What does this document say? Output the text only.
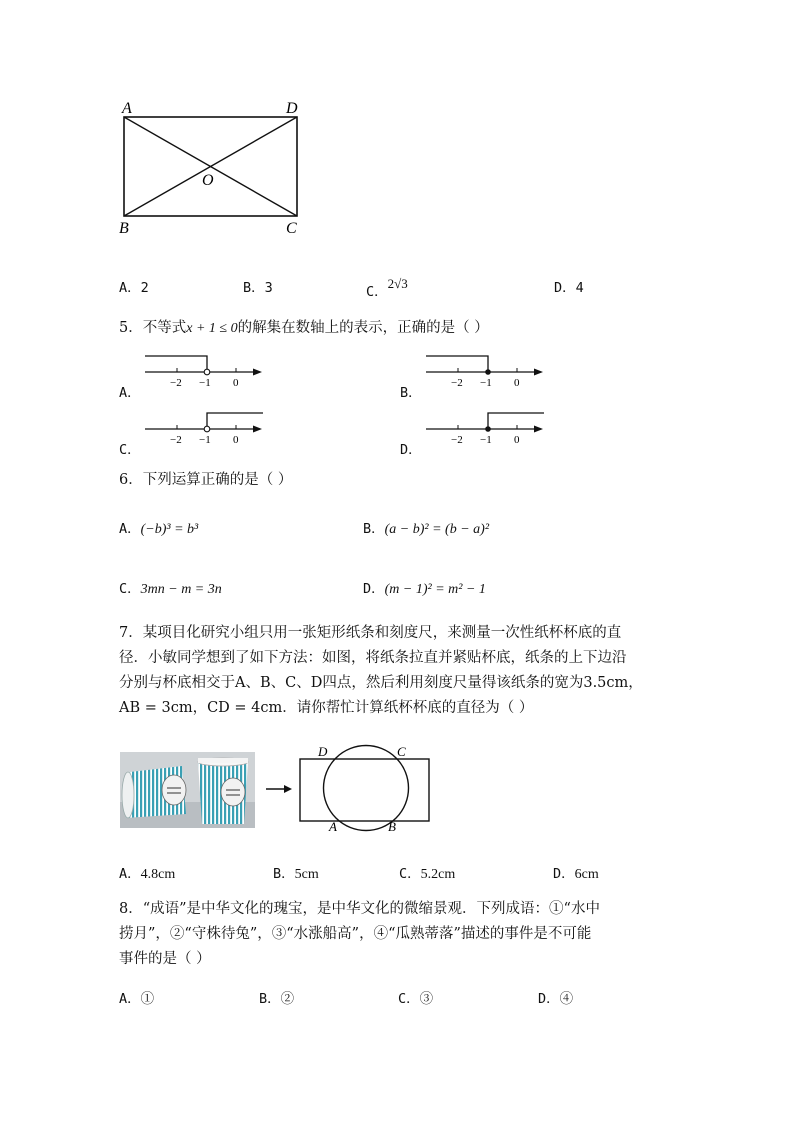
A	D
O
B	C
A．2	B．3	C．2√3	D．4
5．不等式x + 1 ≤ 0的解集在数轴上的表示，正确的是（ ）
A．	B．
C．	D．
−2 −1 0	−2 −1 0
−2 −1 0	−2 −1 0
6．下列运算正确的是（ ）
A．(−b)³ = b³	B．(a − b)² = (b − a)²
C．3mn − m = 3n	D．(m − 1)² = m² − 1
7．某项目化研究小组只用一张矩形纸条和刻度尺，来测量一次性纸杯杯底的直
径．小敏同学想到了如下方法：如图，将纸条拉直并紧贴杯底，纸条的上下边沿
分别与杯底相交于A、B、C、D四点，然后利用刻度尺量得该纸条的宽为3.5cm，
AB = 3cm，CD = 4cm．请你帮忙计算纸杯杯底的直径为（ ）
D	C
A	B
A．4.8cm	B．5cm	C．5.2cm	D．6cm
8．“成语”是中华文化的瑰宝，是中华文化的微缩景观．下列成语：①“水中
捞月”，②“守株待兔”，③“水涨船高”，④“瓜熟蒂落”描述的事件是不可能
事件的是（ ）
A．①	B．②	C．③	D．④
